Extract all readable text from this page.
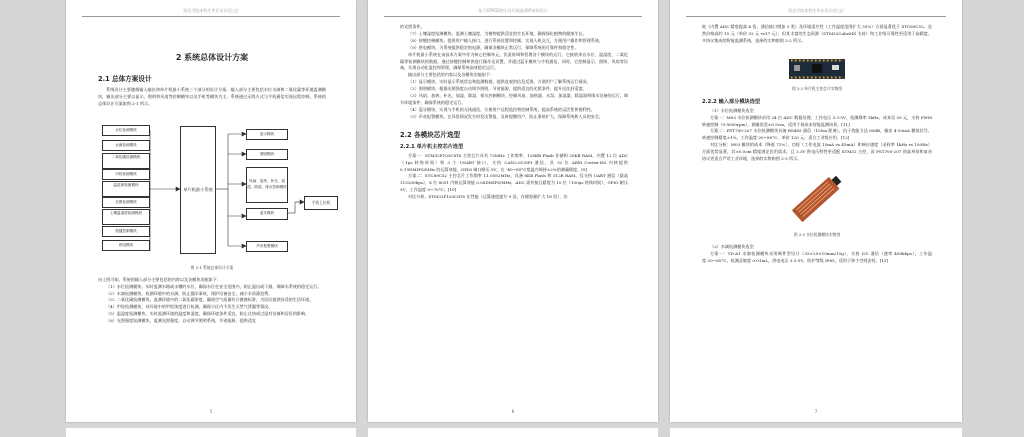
阳光学院本科生毕业设计(论文)
2 系统总体设计方案
2.1 总体方案设计

系统设计主要遵循输入输出和单片机最小系统三个部分的设计方案。输入部分主要包括水位水滴和二氧化碳等环境监测模块，输出部分主要以显示、照明和风扇等控制模块以及手机等模块为主，系统通过无线方式与手机通信实现远程控制，系统的总体设计方案如图 2-1 所示。

水位检测模块
水滴检测模块
二氧化碳检测模块
甲烷检测模块
温湿度检测模块
光照检测模块
土壤温湿度检测模块
按键控制模块
供电模块
单片机最小系统
显示模块
照明模块
风扇、加热、补光、加湿、除湿、排水控制模块
蓝牙模块
声音报警模块
手机上位机
图 2-1 系统总体设计方案

由上图可知，系统的输入部分主要包括的内容以及各模块功能如下：

（1）水位检测模块。实时监测水箱或水槽的水位，确保水位在安全范围内，防止溢出或干涸，保障水系统的稳定运行。

（2）水滴检测模块。检测环境中的水滴，防止漏水事故，保护设备安全，减少水资源浪费。

（3）二氧化碳检测模块。监测环境中的二氧化碳浓度，确保空气质量符合健康标准，为居民提供舒适的生活环境。

（4）甲烷检测模块。对环境中的甲烷浓度进行检测，确保小区内不发生天然气泄漏等情况。

（5）温湿度检测模块。实时监测环境的温度和湿度，确保环境条件适宜，防止过热或过湿对设备和居民的影响。

（6）光照强度检测模块。监测光照强度，自动调节照明系统，节省能源，提供适宜

5
基于STM32的小区环境监测系统的设计

的光照条件。

（7）土壤湿度检测模块。监测土壤湿度，为植物提供适宜的生长环境，确保绿化植物的健康生长。

（8）按键控制模块。提供用户输入接口，进行系统设置和控制，实现人机交互，方便用户操作和管理系统。

（9）供电模块。为系统提供稳定的电源，确保各模块正常运行，保障系统的可靠性和稳定性。

单片机最小系统在该技术方案中作为核心控制单元，负责协调和管理各个模块的运行。它接收来自水位、温湿度、二氧化碳等检测模块的数据，通过按键控制和供进行操作及设置，并通过蓝牙模块与手机通信，同时，它控制显示、照明、风扇等设备，实现自动化监控和管理，确保系统高效稳定运行。

输出部分主要包括的内容以及各模块功能如下：

（1）显示模块。实时显示系统状态和监测数据，提供直观的信息反馈，方便用户了解系统运行情况。

（2）照明模块。根据光照强度自动调节照明，节省能源，提供适宜的光照条件，提升居住舒适度。

（3）风扇、加热、补光、加湿、除湿、排水控制模块。控制风扇、加热器、水泵、加湿器、除湿器和排水设备的运行，调节环境条件，确保系统的稳定运行。

（4）蓝牙模块。实现与手机的无线通信，方便用户远程监控和控制系统，提高系统的灵活性和便利性。

（5）声音报警模块。在异常情况发生时发出警报，及时提醒用户，防止事故扩大，保障系统和人员的安全。

2.2 各模块芯片选型
2.2.1 单片机主控芯片选型

方案一：STM32F103C8T6 主控芯片具有 72MHz 工作频率、128KB Flash 存储和 20KB RAM，内置 12 位 ADC（1μs 转换时间）和 3 个 USART 接口，支持 CAN2.0C/SPI 通信，其 32 位 ARM Cortex-M3 内核提供 0.19DMIPS/MHz 的运算效能，GPIO 端口耐压 5V，在 -40~85°C宽温内保持±2%的测量精度。[9]

方案二：STC89C52 主控芯片工作频率 11.0592MHz，具备 8KB Flash 和 512B RAM，仅支持 UART 通信（最高 115200bps），8 位 8051 内核运算效能 0.08DMIPS/MHz，ADC 需外接且精度为 10 位（100μs 转换时间），GPIO 耐压 5V，工作温度 0~70°C。[10]

对比分析，STM32F103C8T6 在性能（运算速度提升 9 倍，存储容量扩大 16 倍）、功

6
阳光学院本科生毕业设计(论文)

耗（内置 ADC 精度提高 4 倍，通信接口增加 3 类）及环境适应性（工作温度范围扩大 35%）方面显著优于 STC89C52。虽然价格高约 15 元（单价 32 元 vs17 元），但其丰富的生态资源（STM32CubeMX 支持）和工业级可靠性更适用于高精度、多协议集成的智能监测系统，选择的实物如图 2-2 所示。

图 2-2 单片机主控芯片实物图
2.2.2 输入部分模块选型

（1）水位检测模块选型

方案一：M03 水位检测模块采用 24 位 ADC 数据处理，工作电压 3.3-5V，检测频率 1kHz，成本仅 35 元，支持 PWM 转速控制（0-5000rpm），测量误差±0.5cm，适用于低成本智能监测场景。[11]

方案二：FST700-207 水位检测模块具备 RS485 通信（100m 距离），抗干扰能力达 60dB，输出 4-20mA 模拟信号，转速控制精度±1%，工作温度-20~80°C，单价 120 元，适合工业级应用。[12]

对比分析：M03 模块的成本（降低 71%）、功耗（工作电流 15mA vs 45mA）和响应速度（采样率 1kHz vs 100Hz）方面优势显著，其±0.5cm 精度满足民用需求，且 3.3V 供电压特性更适配 STM32 主控，而 FST700-207 的高单价和复杂协议更适合严苛工业环境，选择的实物如图 2-3 所示。

图 2-3 水位检测模块实物图

（2）水滴检测模块选型

方案一：YD-A1 水滴检测模块采用硬件型设计（35×25×10mm/15g），支持 I2C 通信（速率 400kbps），工作温度-20~60°C，检测灵敏度 0.01mL，供电电压 3.3-5V，防护等级 IP65，适用于狭小空间安装。[13]

7
